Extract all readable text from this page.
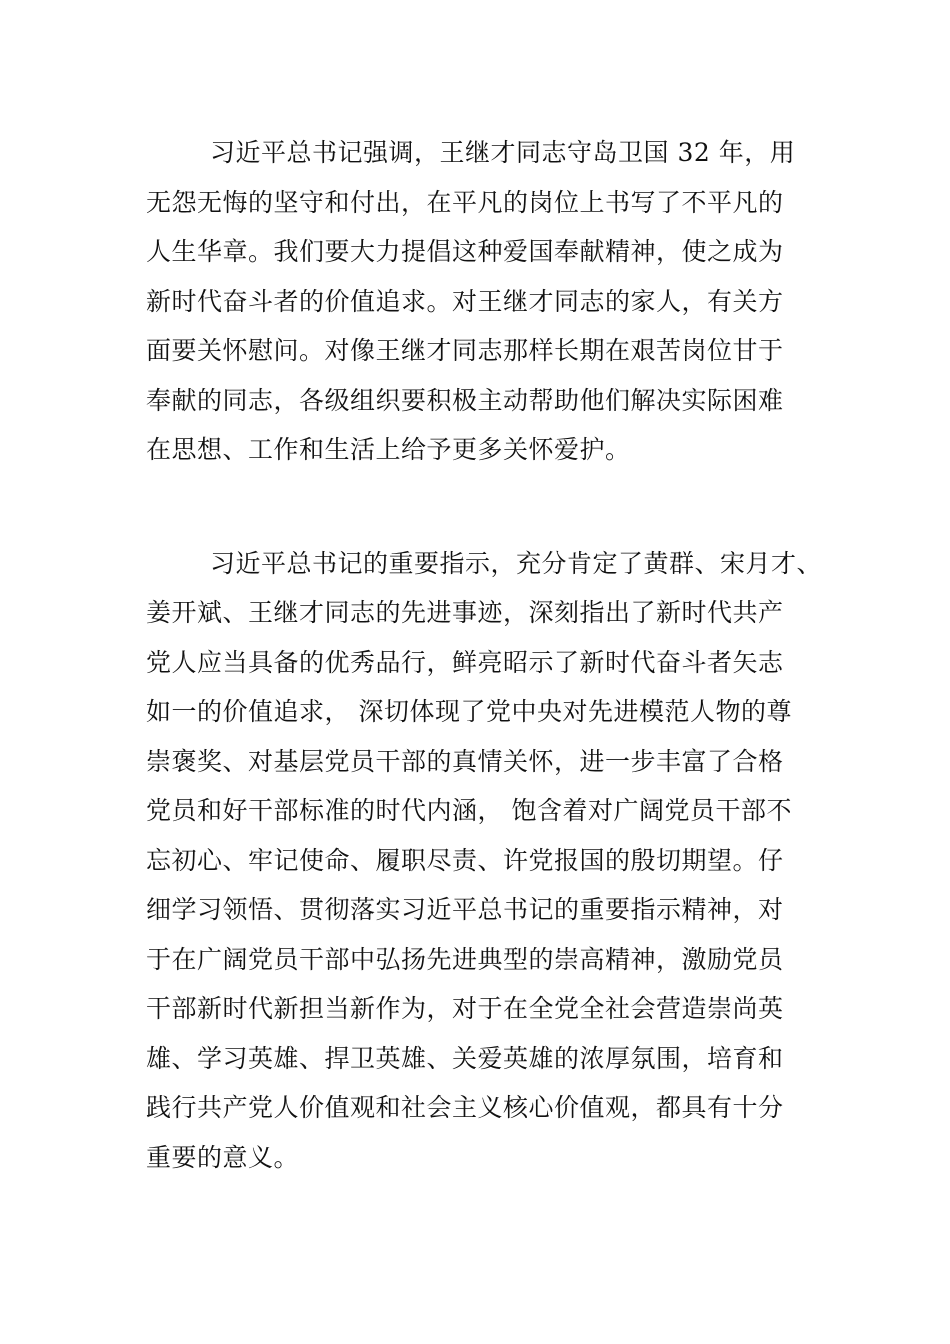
习近平总书记强调，王继才同志守岛卫国 32 年，用
无怨无悔的坚守和付出，在平凡的岗位上书写了不平凡的
人生华章。我们要大力提倡这种爱国奉献精神，使之成为
新时代奋斗者的价值追求。对王继才同志的家人，有关方
面要关怀慰问。对像王继才同志那样长期在艰苦岗位甘于
奉献的同志，各级组织要积极主动帮助他们解决实际困难
在思想、工作和生活上给予更多关怀爱护。

习近平总书记的重要指示，充分肯定了黄群、宋月才、
姜开斌、王继才同志的先进事迹，深刻指出了新时代共产
党人应当具备的优秀品行，鲜亮昭示了新时代奋斗者矢志
如一的价值追求， 深切体现了党中央对先进模范人物的尊
崇褒奖、对基层党员干部的真情关怀，进一步丰富了合格
党员和好干部标准的时代内涵， 饱含着对广阔党员干部不
忘初心、牢记使命、履职尽责、许党报国的殷切期望。仔
细学习领悟、贯彻落实习近平总书记的重要指示精神，对
于在广阔党员干部中弘扬先进典型的崇高精神，激励党员
干部新时代新担当新作为，对于在全党全社会营造崇尚英
雄、学习英雄、捍卫英雄、关爱英雄的浓厚氛围，培育和
践行共产党人价值观和社会主义核心价值观，都具有十分
重要的意义。
